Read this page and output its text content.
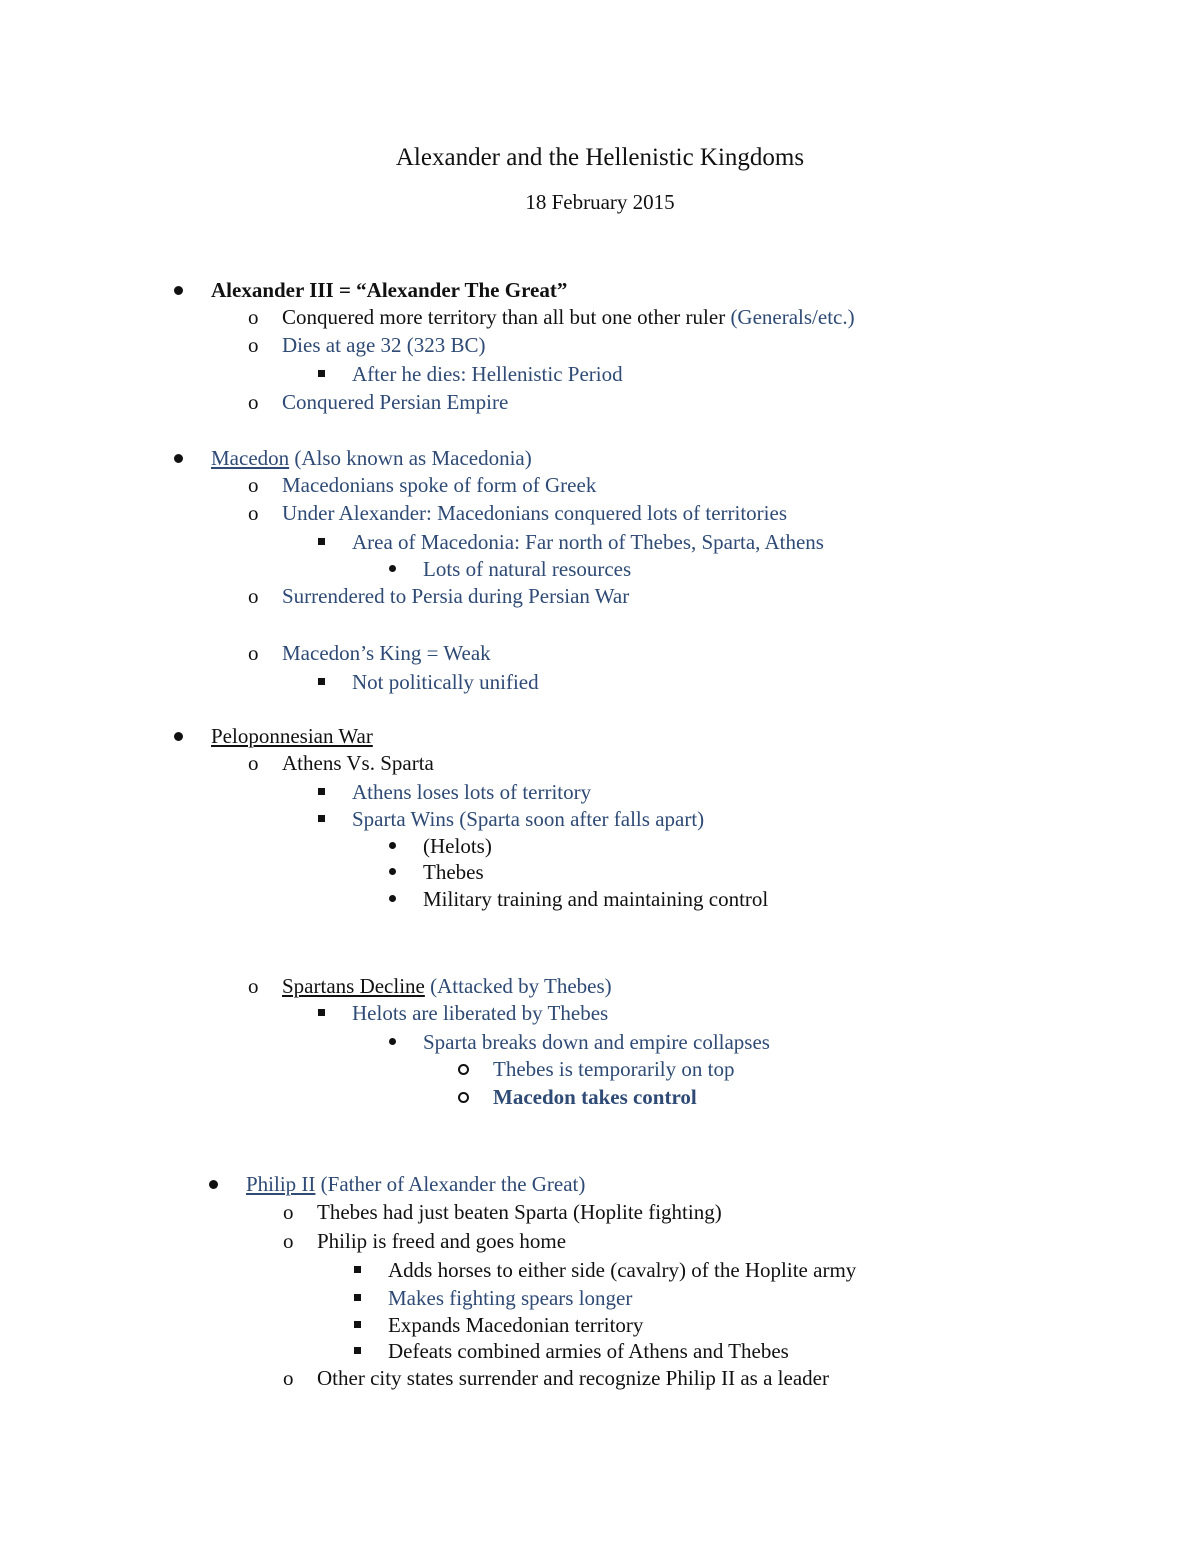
Alexander and the Hellenistic Kingdoms
18 February 2015
Alexander III = “Alexander The Great”
o Conquered more territory than all but one other ruler (Generals/etc.)
o Dies at age 32 (323 BC)
After he dies: Hellenistic Period
o Conquered Persian Empire
Macedon (Also known as Macedonia)
o Macedonians spoke of form of Greek
o Under Alexander: Macedonians conquered lots of territories
Area of Macedonia: Far north of Thebes, Sparta, Athens
Lots of natural resources
o Surrendered to Persia during Persian War
o Macedon’s King = Weak
Not politically unified
Peloponnesian War
o Athens Vs. Sparta
Athens loses lots of territory
Sparta Wins (Sparta soon after falls apart)
(Helots)
Thebes
Military training and maintaining control
o Spartans Decline (Attacked by Thebes)
Helots are liberated by Thebes
Sparta breaks down and empire collapses
Thebes is temporarily on top
Macedon takes control
Philip II (Father of Alexander the Great)
o Thebes had just beaten Sparta (Hoplite fighting)
o Philip is freed and goes home
Adds horses to either side (cavalry) of the Hoplite army
Makes fighting spears longer
Expands Macedonian territory
Defeats combined armies of Athens and Thebes
o Other city states surrender and recognize Philip II as a leader
